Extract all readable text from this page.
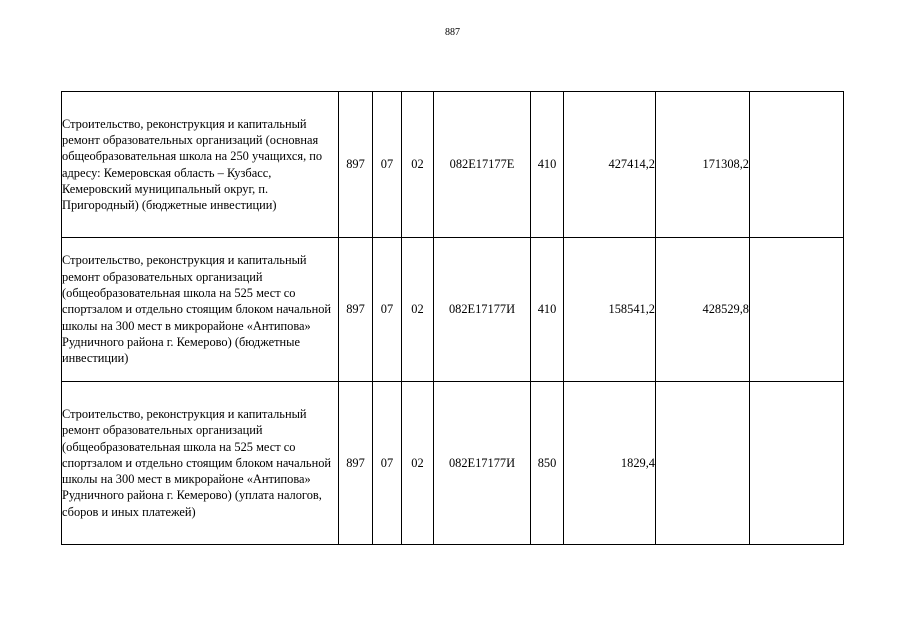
887
Строительство, реконструкция и капитальный ремонт образовательных организаций (основная общеобразовательная школа на 250 учащихся, по адресу: Кемеровская область – Кузбасс, Кемеровский муниципальный округ, п. Пригородный) (бюджетные инвестиции)	897	07	02	082E17177Е	410	427414,2	171308,2	
Строительство, реконструкция и капитальный ремонт образовательных организаций (общеобразовательная школа на 525 мест со спортзалом и отдельно стоящим блоком начальной школы на 300 мест в микрорайоне «Антипова» Рудничного района г. Кемерово) (бюджетные инвестиции)	897	07	02	082E17177И	410	158541,2	428529,8	
Строительство, реконструкция и капитальный ремонт образовательных организаций (общеобразовательная школа на 525 мест со спортзалом и отдельно стоящим блоком начальной школы на 300 мест в микрорайоне «Антипова» Рудничного района г. Кемерово) (уплата налогов, сборов и иных платежей)	897	07	02	082E17177И	850	1829,4		
